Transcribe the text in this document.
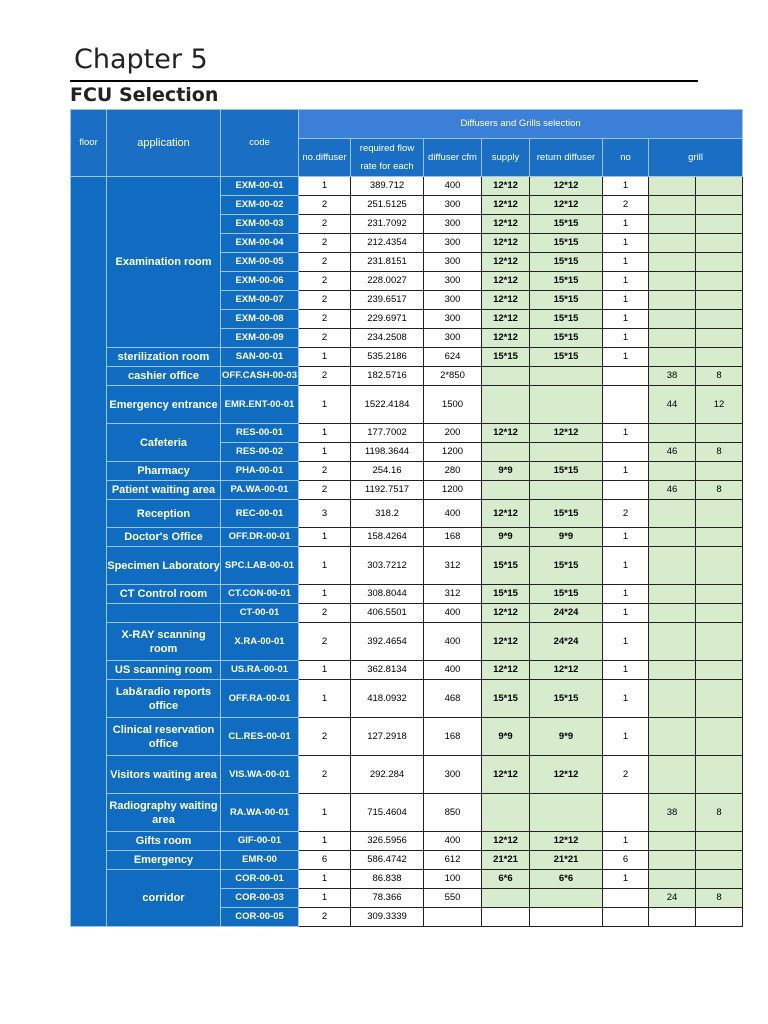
Chapter 5
FCU Selection
floor	application	code	Diffusers and Grills selection							
			no.diffuser	required flow rate for each	diffuser cfm	supply	return diffuser	no	grill	

	Examination room	EXM-00-01	1	389.712	400	12*12	12*12	1		
		EXM-00-02	2	251.5125	300	12*12	12*12	2		
		EXM-00-03	2	231.7092	300	12*12	15*15	1		
		EXM-00-04	2	212.4354	300	12*12	15*15	1		
		EXM-00-05	2	231.8151	300	12*12	15*15	1		
		EXM-00-06	2	228.0027	300	12*12	15*15	1		
		EXM-00-07	2	239.6517	300	12*12	15*15	1		
		EXM-00-08	2	229.6971	300	12*12	15*15	1		
		EXM-00-09	2	234.2508	300	12*12	15*15	1		
	sterilization room	SAN-00-01	1	535.2186	624	15*15	15*15	1		
	cashier office	OFF.CASH-00-03	2	182.5716	2*850				38	8
	Emergency entrance	EMR.ENT-00-01	1	1522.4184	1500				44	12
	Cafeteria	RES-00-01	1	177.7002	200	12*12	12*12	1		
		RES-00-02	1	1198.3644	1200				46	8
	Pharmacy	PHA-00-01	2	254.16	280	9*9	15*15	1		
	Patient waiting area	PA.WA-00-01	2	1192.7517	1200				46	8
	Reception	REC-00-01	3	318.2	400	12*12	15*15	2		
	Doctor's Office	OFF.DR-00-01	1	158.4264	168	9*9	9*9	1		
	Specimen Laboratory	SPC.LAB-00-01	1	303.7212	312	15*15	15*15	1		
	CT Control room	CT.CON-00-01	1	308.8044	312	15*15	15*15	1		
		CT-00-01	2	406.5501	400	12*12	24*24	1		
	X-RAY scanning room	X.RA-00-01	2	392.4654	400	12*12	24*24	1		
	US scanning room	US.RA-00-01	1	362.8134	400	12*12	12*12	1		
	Lab&radio reports office	OFF.RA-00-01	1	418.0932	468	15*15	15*15	1		
	Clinical reservation office	CL.RES-00-01	2	127.2918	168	9*9	9*9	1		
	Visitors waiting area	VIS.WA-00-01	2	292.284	300	12*12	12*12	2		
	Radiography waiting area	RA.WA-00-01	1	715.4604	850				38	8
	Gifts room	GIF-00-01	1	326.5956	400	12*12	12*12	1		
	Emergency	EMR-00	6	586.4742	612	21*21	21*21	6		
	corridor	COR-00-01	1	86.838	100	6*6	6*6	1		
		COR-00-03	1	78.366	550				24	8
		COR-00-05	2	309.3339						
